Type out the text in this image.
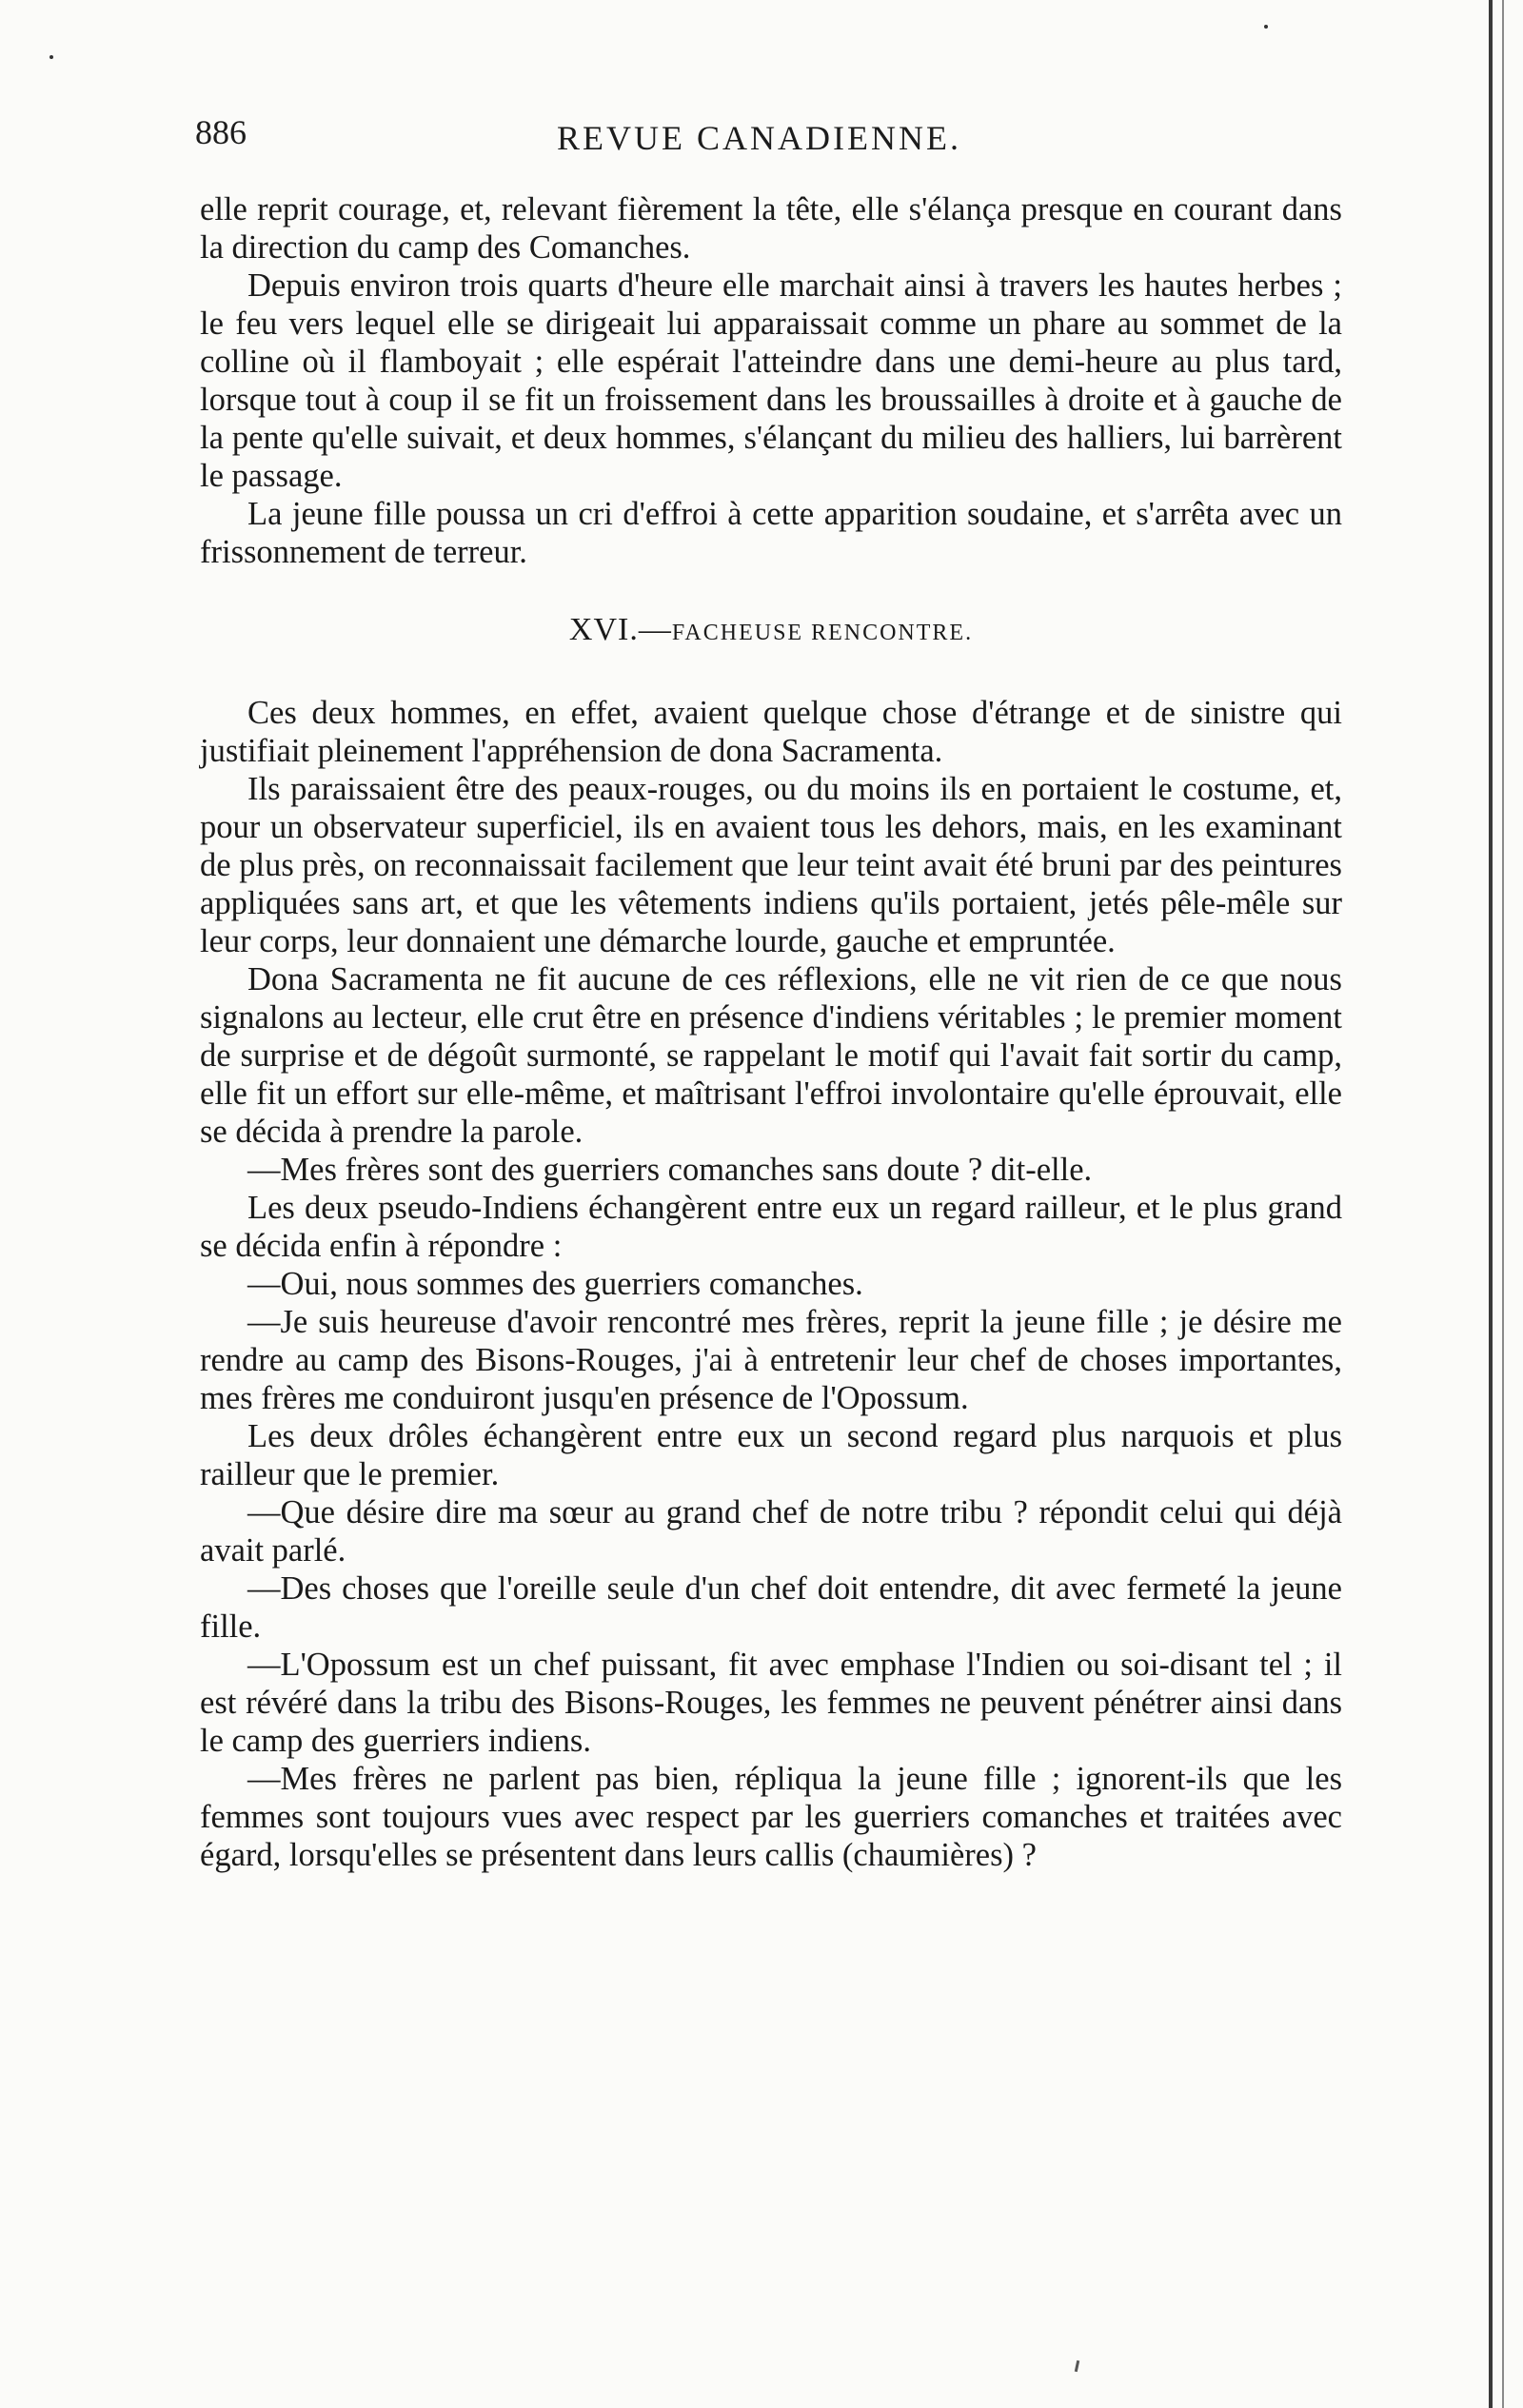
886	REVUE CANADIENNE.

elle reprit courage, et, relevant fièrement la tête, elle s'élança presque en courant dans la direction du camp des Comanches.

Depuis environ trois quarts d'heure elle marchait ainsi à travers les hautes herbes ; le feu vers lequel elle se dirigeait lui apparaissait comme un phare au sommet de la colline où il flamboyait ; elle espérait l'atteindre dans une demi-heure au plus tard, lorsque tout à coup il se fit un froissement dans les broussailles à droite et à gauche de la pente qu'elle suivait, et deux hommes, s'élançant du milieu des halliers, lui barrèrent le passage.

La jeune fille poussa un cri d'effroi à cette apparition soudaine, et s'arrêta avec un frissonnement de terreur.

XVI.—FACHEUSE RENCONTRE.

Ces deux hommes, en effet, avaient quelque chose d'étrange et de sinistre qui justifiait pleinement l'appréhension de dona Sacramenta.

Ils paraissaient être des peaux-rouges, ou du moins ils en portaient le costume, et, pour un observateur superficiel, ils en avaient tous les dehors, mais, en les examinant de plus près, on reconnaissait facilement que leur teint avait été bruni par des peintures appliquées sans art, et que les vêtements indiens qu'ils portaient, jetés pêle-mêle sur leur corps, leur donnaient une démarche lourde, gauche et empruntée.

Dona Sacramenta ne fit aucune de ces réflexions, elle ne vit rien de ce que nous signalons au lecteur, elle crut être en présence d'indiens véritables ; le premier moment de surprise et de dégoût surmonté, se rappelant le motif qui l'avait fait sortir du camp, elle fit un effort sur elle-même, et maîtrisant l'effroi involontaire qu'elle éprouvait, elle se décida à prendre la parole.

—Mes frères sont des guerriers comanches sans doute ? dit-elle.

Les deux pseudo-Indiens échangèrent entre eux un regard railleur, et le plus grand se décida enfin à répondre :

—Oui, nous sommes des guerriers comanches.

—Je suis heureuse d'avoir rencontré mes frères, reprit la jeune fille ; je désire me rendre au camp des Bisons-Rouges, j'ai à entretenir leur chef de choses importantes, mes frères me conduiront jusqu'en présence de l'Opossum.

Les deux drôles échangèrent entre eux un second regard plus narquois et plus railleur que le premier.

—Que désire dire ma sœur au grand chef de notre tribu ? répondit celui qui déjà avait parlé.

—Des choses que l'oreille seule d'un chef doit entendre, dit avec fermeté la jeune fille.

—L'Opossum est un chef puissant, fit avec emphase l'Indien ou soi-disant tel ; il est révéré dans la tribu des Bisons-Rouges, les femmes ne peuvent pénétrer ainsi dans le camp des guerriers indiens.

—Mes frères ne parlent pas bien, répliqua la jeune fille ; ignorent-ils que les femmes sont toujours vues avec respect par les guerriers comanches et traitées avec égard, lorsqu'elles se présentent dans leurs callis (chaumières) ?
